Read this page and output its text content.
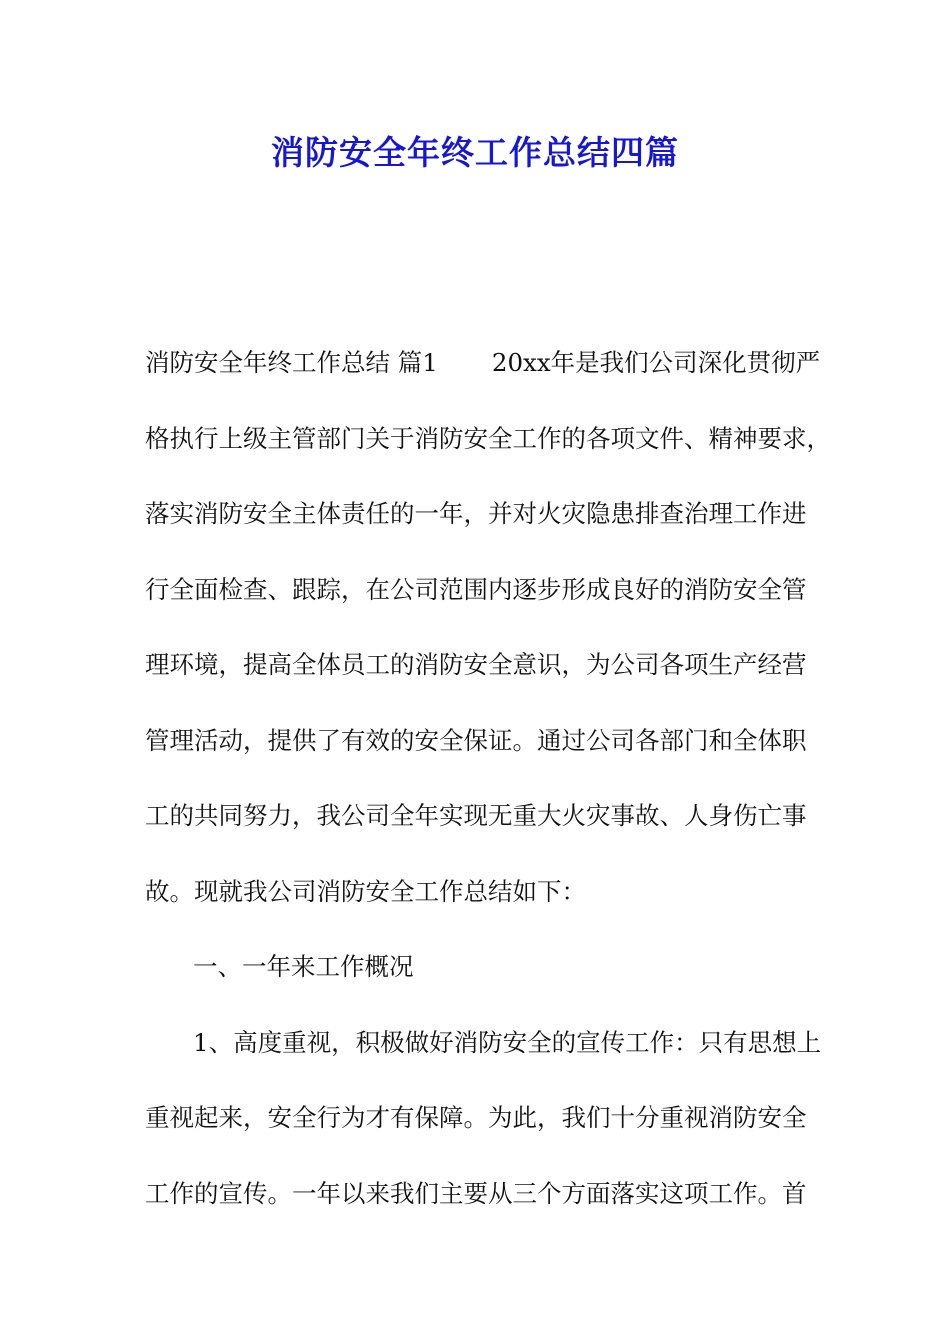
消防安全年终工作总结四篇

消防安全年终工作总结 篇1 20xx年是我们公司深化贯彻严

格执行上级主管部门关于消防安全工作的各项文件、精神要求，

落实消防安全主体责任的一年，并对火灾隐患排查治理工作进

行全面检查、跟踪，在公司范围内逐步形成良好的消防安全管

理环境，提高全体员工的消防安全意识，为公司各项生产经营

管理活动，提供了有效的安全保证。通过公司各部门和全体职

工的共同努力，我公司全年实现无重大火灾事故、人身伤亡事

故。现就我公司消防安全工作总结如下：

一、一年来工作概况

1、高度重视，积极做好消防安全的宣传工作：只有思想上

重视起来，安全行为才有保障。为此，我们十分重视消防安全

工作的宣传。一年以来我们主要从三个方面落实这项工作。首
